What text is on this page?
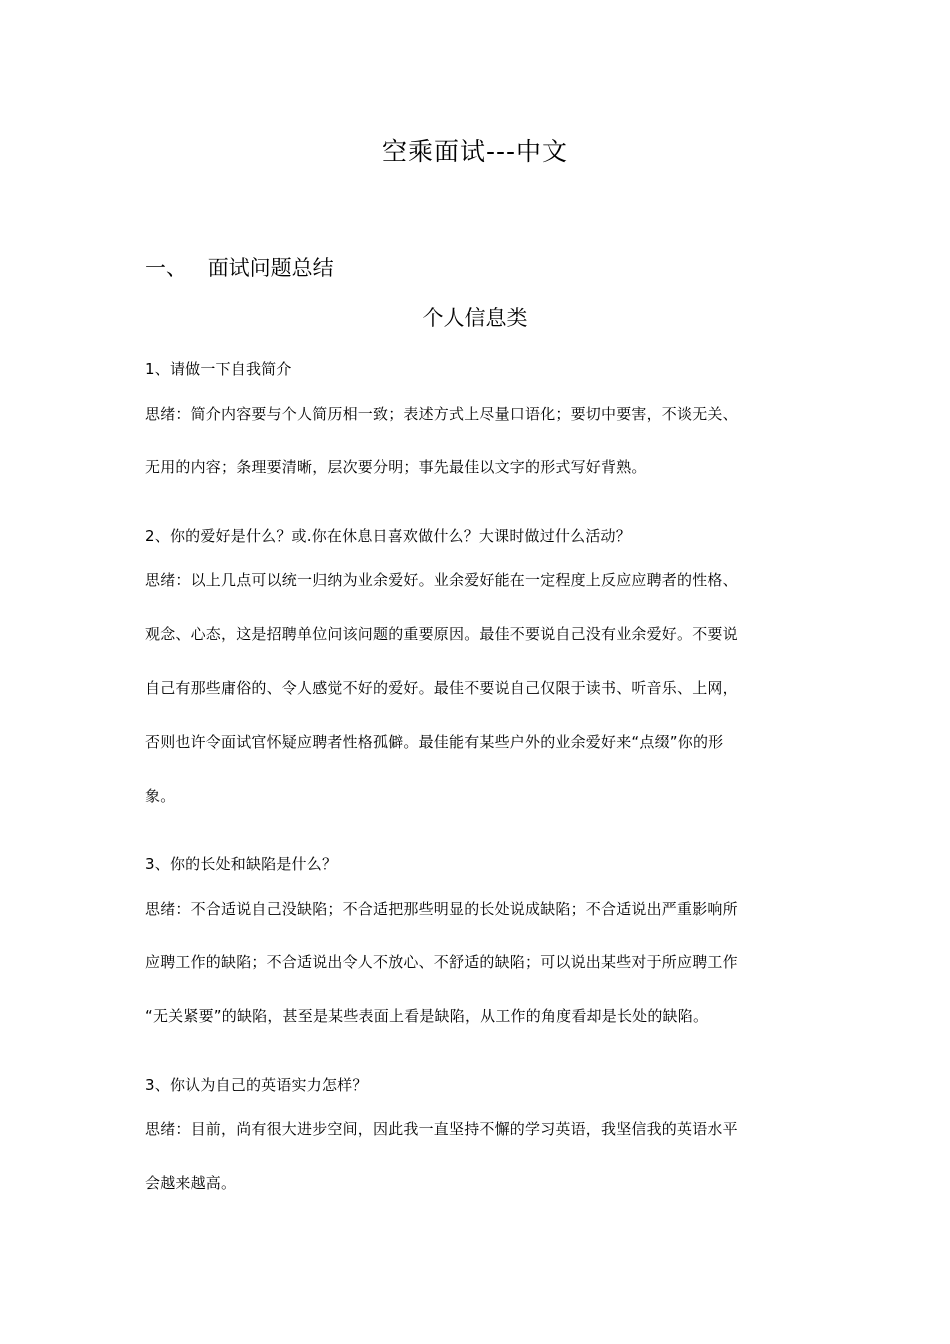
空乘面试---中文
一、 面试问题总结
个人信息类
1、请做一下自我简介
思绪：简介内容要与个人简历相一致；表述方式上尽量口语化；要切中要害，不谈无关、
无用的内容；条理要清晰，层次要分明；事先最佳以文字的形式写好背熟。
2、你的爱好是什么？或.你在休息日喜欢做什么？大课时做过什么活动？
思绪：以上几点可以统一归纳为业余爱好。业余爱好能在一定程度上反应应聘者的性格、
观念、心态，这是招聘单位问该问题的重要原因。最佳不要说自己没有业余爱好。不要说
自己有那些庸俗的、令人感觉不好的爱好。最佳不要说自己仅限于读书、听音乐、上网，
否则也许令面试官怀疑应聘者性格孤僻。最佳能有某些户外的业余爱好来“点缀”你的形
象。
3、你的长处和缺陷是什么？
思绪：不合适说自己没缺陷；不合适把那些明显的长处说成缺陷；不合适说出严重影响所
应聘工作的缺陷；不合适说出令人不放心、不舒适的缺陷；可以说出某些对于所应聘工作
“无关紧要”的缺陷，甚至是某些表面上看是缺陷，从工作的角度看却是长处的缺陷。
3、你认为自己的英语实力怎样？
思绪：目前，尚有很大进步空间，因此我一直坚持不懈的学习英语，我坚信我的英语水平
会越来越高。
